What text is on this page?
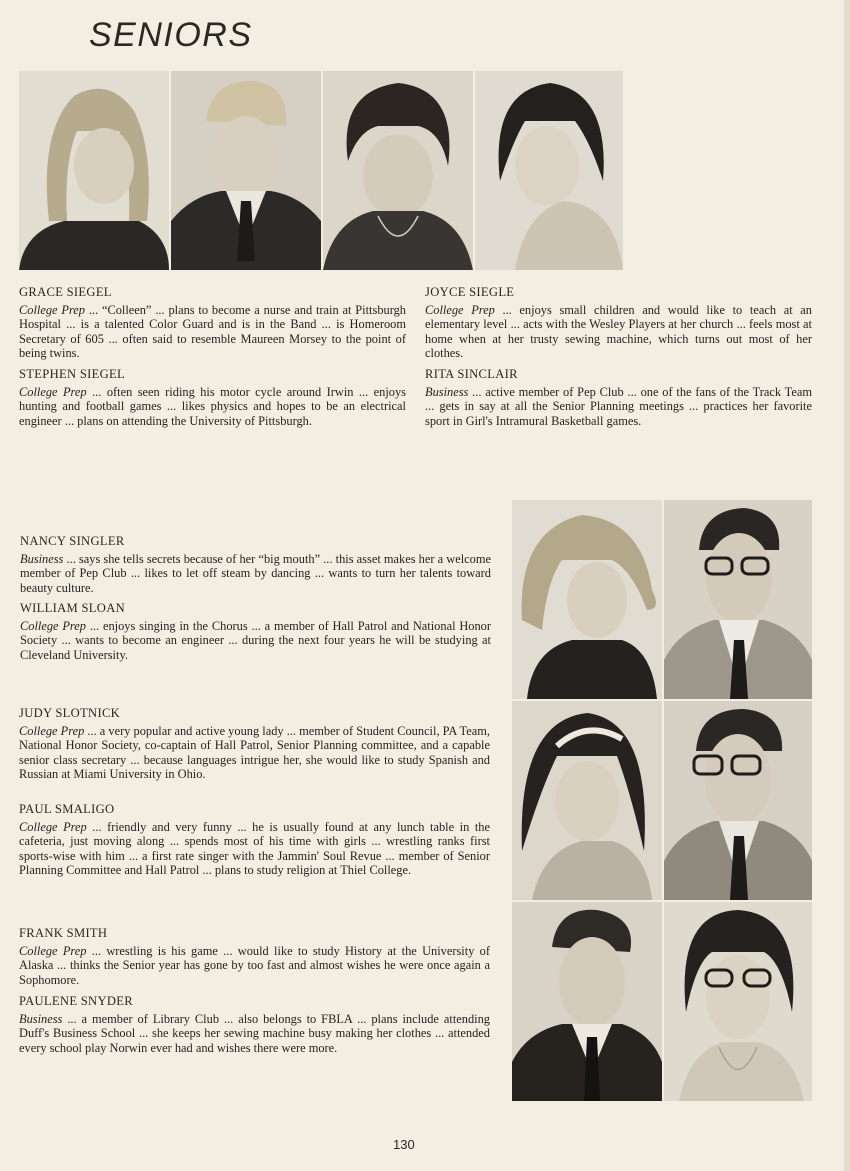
SENIORS
GRACE SIEGEL

College Prep ... “Colleen” ... plans to become a nurse and train at Pittsburgh Hospital ... is a talented Color Guard and is in the Band ... is Homeroom Secretary of 605 ... often said to resemble Maureen Morsey to the point of being twins.

STEPHEN SIEGEL

College Prep ... often seen riding his motor cycle around Irwin ... enjoys hunting and football games ... likes physics and hopes to be an electrical engineer ... plans on attending the University of Pittsburgh.

JOYCE SIEGLE

College Prep ... enjoys small children and would like to teach at an elementary level ... acts with the Wesley Players at her church ... feels most at home when at her trusty sewing machine, which turns out most of her clothes.

RITA SINCLAIR

Business ... active member of Pep Club ... one of the fans of the Track Team ... gets in say at all the Senior Planning meetings ... practices her favorite sport in Girl's Intramural Basketball games.

NANCY SINGLER

Business ... says she tells secrets because of her “big mouth” ... this asset makes her a welcome member of Pep Club ... likes to let off steam by dancing ... wants to turn her talents toward beauty culture.

WILLIAM SLOAN

College Prep ... enjoys singing in the Chorus ... a member of Hall Patrol and National Honor Society ... wants to become an engineer ... during the next four years he will be studying at Cleveland University.

JUDY SLOTNICK

College Prep ... a very popular and active young lady ... member of Student Council, PA Team, National Honor Society, co-captain of Hall Patrol, Senior Planning committee, and a capable senior class secretary ... because languages intrigue her, she would like to study Spanish and Russian at Miami University in Ohio.

PAUL SMALIGO

College Prep ... friendly and very funny ... he is usually found at any lunch table in the cafeteria, just moving along ... spends most of his time with girls ... wrestling ranks first sports-wise with him ... a first rate singer with the Jammin' Soul Revue ... member of Senior Planning Committee and Hall Patrol ... plans to study religion at Thiel College.

FRANK SMITH

College Prep ... wrestling is his game ... would like to study History at the University of Alaska ... thinks the Senior year has gone by too fast and almost wishes he were once again a Sophomore.

PAULENE SNYDER

Business ... a member of Library Club ... also belongs to FBLA ... plans include attending Duff's Business School ... she keeps her sewing machine busy making her clothes ... attended every school play Norwin ever had and wishes there were more.

130
